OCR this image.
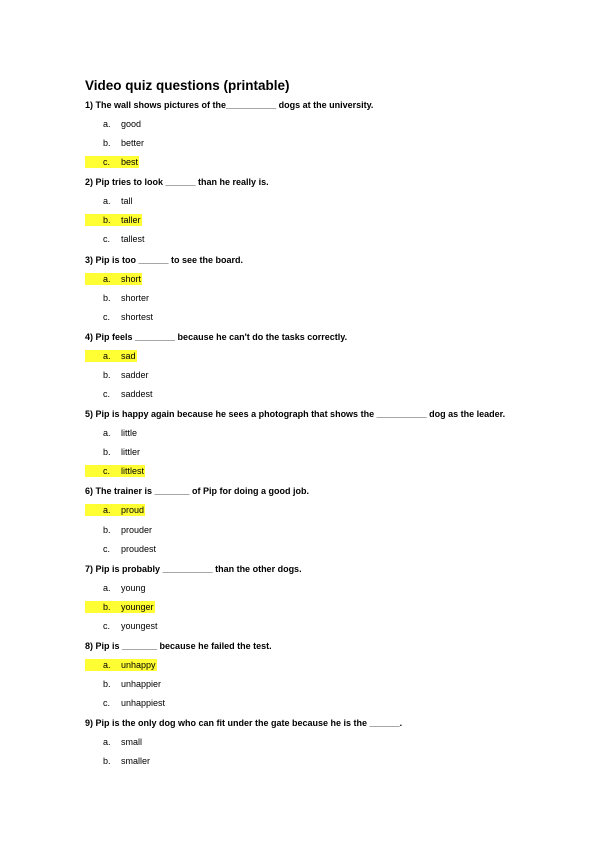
Video quiz questions (printable)

1) The wall shows pictures of the__________ dogs at the university.

a. good
b. better
c. best

2) Pip tries to look ______ than he really is.

a. tall
b. taller
c. tallest

3) Pip is too ______ to see the board.

a. short
b. shorter
c. shortest

4) Pip feels ________ because he can't do the tasks correctly.

a. sad
b. sadder
c. saddest

5) Pip is happy again because he sees a photograph that shows the __________ dog as the leader.

a. little
b. littler
c. littlest

6) The trainer is _______ of Pip for doing a good job.

a. proud
b. prouder
c. proudest

7) Pip is probably __________ than the other dogs.

a. young
b. younger
c. youngest

8) Pip is _______ because he failed the test.

a. unhappy
b. unhappier
c. unhappiest

9) Pip is the only dog who can fit under the gate because he is the ______.

a. small
b. smaller
